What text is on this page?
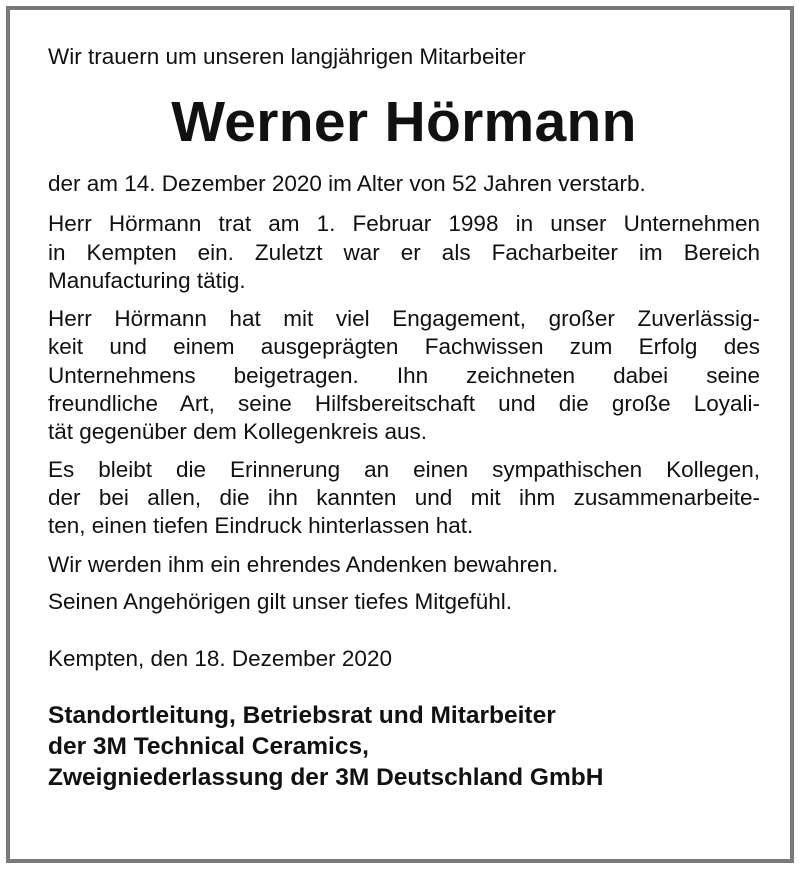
Wir trauern um unseren langjährigen Mitarbeiter

Werner Hörmann

der am 14. Dezember 2020 im Alter von 52 Jahren verstarb.

Herr Hörmann trat am 1. Februar 1998 in unser Unternehmen
in Kempten ein. Zuletzt war er als Facharbeiter im Bereich
Manufacturing tätig.
Herr Hörmann hat mit viel Engagement, großer Zuverlässig-
keit und einem ausgeprägten Fachwissen zum Erfolg des
Unternehmens beigetragen. Ihn zeichneten dabei seine
freundliche Art, seine Hilfsbereitschaft und die große Loyali-
tät gegenüber dem Kollegenkreis aus.
Es bleibt die Erinnerung an einen sympathischen Kollegen,
der bei allen, die ihn kannten und mit ihm zusammenarbeite-
ten, einen tiefen Eindruck hinterlassen hat.

Wir werden ihm ein ehrendes Andenken bewahren.

Seinen Angehörigen gilt unser tiefes Mitgefühl.

Kempten, den 18. Dezember 2020

Standortleitung, Betriebsrat und Mitarbeiter
der 3M Technical Ceramics,
Zweigniederlassung der 3M Deutschland GmbH
